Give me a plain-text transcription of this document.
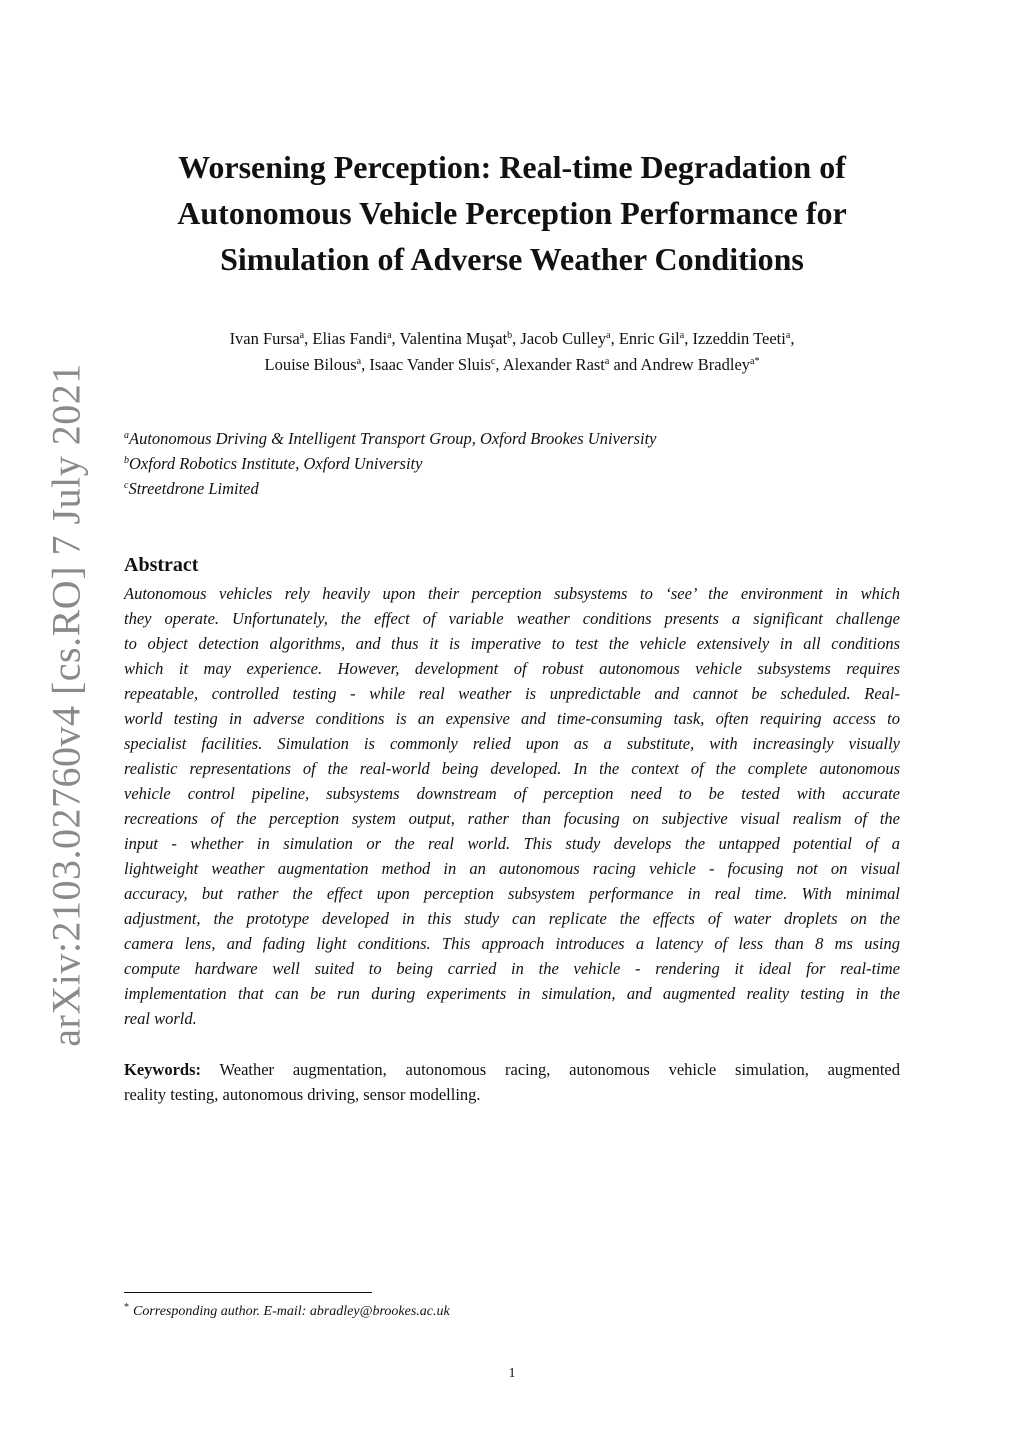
arXiv:2103.02760v4 [cs.RO] 7 July 2021
Worsening Perception: Real-time Degradation of
Autonomous Vehicle Perception Performance for
Simulation of Adverse Weather Conditions
Ivan Fursa$^a$, Elias Fandi$^a$, Valentina Muşat$^b$, Jacob Culley$^a$, Enric Gil$^a$, Izzeddin Teeti$^a$,
Louise Bilous$^a$, Isaac Vander Sluis$^c$, Alexander Rast$^a$ and Andrew Bradley$^{a*}$
$^a$Autonomous Driving & Intelligent Transport Group, Oxford Brookes University
$^b$Oxford Robotics Institute, Oxford University
$^c$Streetdrone Limited
Abstract
Autonomous vehicles rely heavily upon their perception subsystems to ‘see’ the environment in which
they operate. Unfortunately, the effect of variable weather conditions presents a significant challenge
to object detection algorithms, and thus it is imperative to test the vehicle extensively in all conditions
which it may experience. However, development of robust autonomous vehicle subsystems requires
repeatable, controlled testing - while real weather is unpredictable and cannot be scheduled. Real-
world testing in adverse conditions is an expensive and time-consuming task, often requiring access to
specialist facilities. Simulation is commonly relied upon as a substitute, with increasingly visually
realistic representations of the real-world being developed. In the context of the complete autonomous
vehicle control pipeline, subsystems downstream of perception need to be tested with accurate
recreations of the perception system output, rather than focusing on subjective visual realism of the
input - whether in simulation or the real world. This study develops the untapped potential of a
lightweight weather augmentation method in an autonomous racing vehicle - focusing not on visual
accuracy, but rather the effect upon perception subsystem performance in real time. With minimal
adjustment, the prototype developed in this study can replicate the effects of water droplets on the
camera lens, and fading light conditions. This approach introduces a latency of less than 8 ms using
compute hardware well suited to being carried in the vehicle - rendering it ideal for real-time
implementation that can be run during experiments in simulation, and augmented reality testing in the
real world.
Keywords: Weather augmentation, autonomous racing, autonomous vehicle simulation, augmented
reality testing, autonomous driving, sensor modelling.
* Corresponding author. E-mail: abradley@brookes.ac.uk
1
